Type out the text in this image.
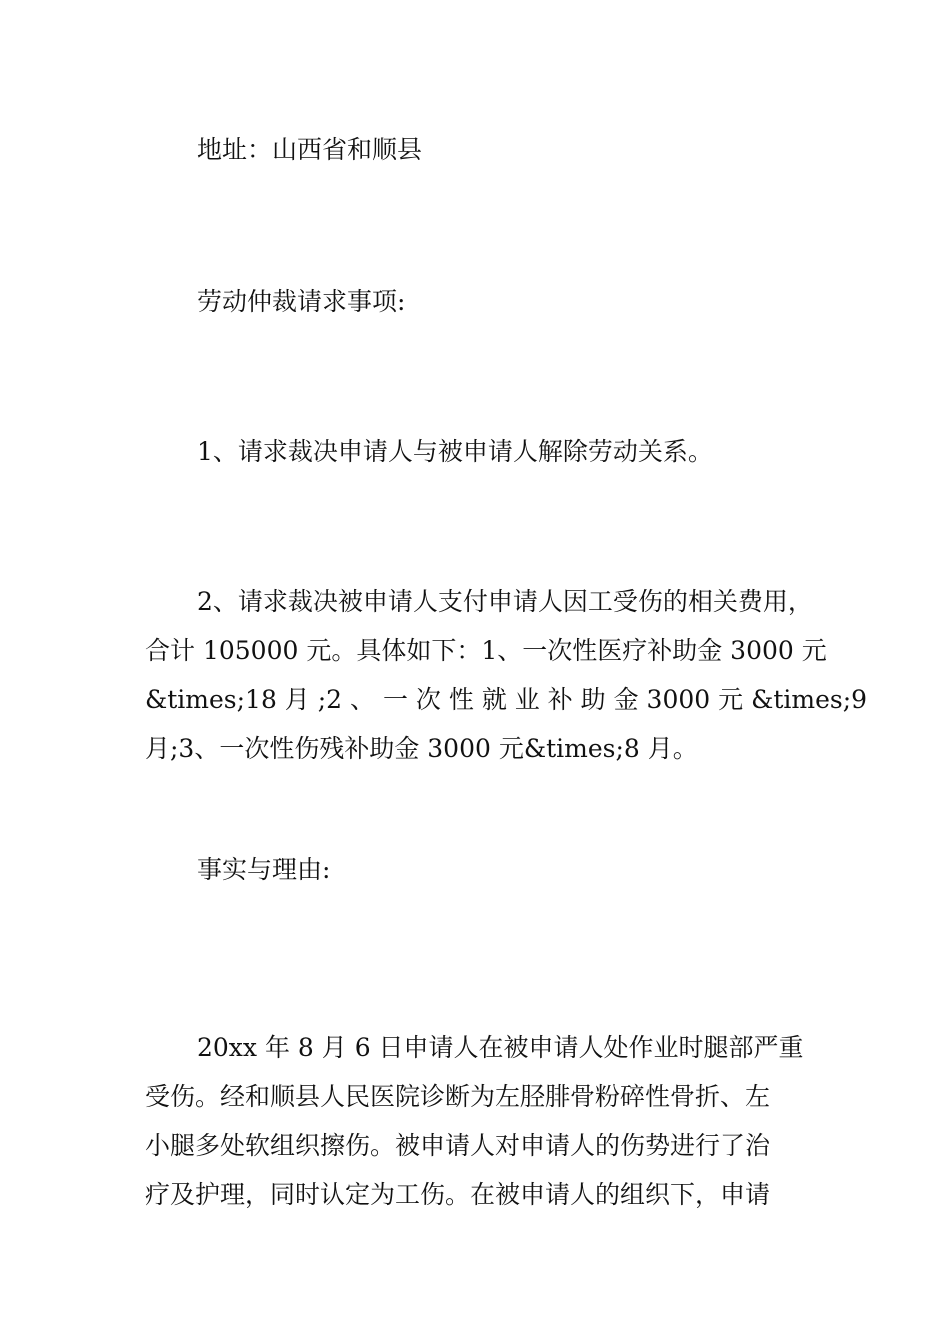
地址：山西省和顺县

劳动仲裁请求事项:

1、请求裁决申请人与被申请人解除劳动关系。

2、请求裁决被申请人支付申请人因工受伤的相关费用，
合计 105000 元。具体如下：1、一次性医疗补助金 3000 元
&times;18 月 ;2 、 一 次 性 就 业 补 助 金 3000 元 &times;9
月;3、一次性伤残补助金 3000 元&times;8 月。

事实与理由:

20xx 年 8 月 6 日申请人在被申请人处作业时腿部严重
受伤。经和顺县人民医院诊断为左胫腓骨粉碎性骨折、左
小腿多处软组织擦伤。被申请人对申请人的伤势进行了治
疗及护理，同时认定为工伤。在被申请人的组织下，申请
